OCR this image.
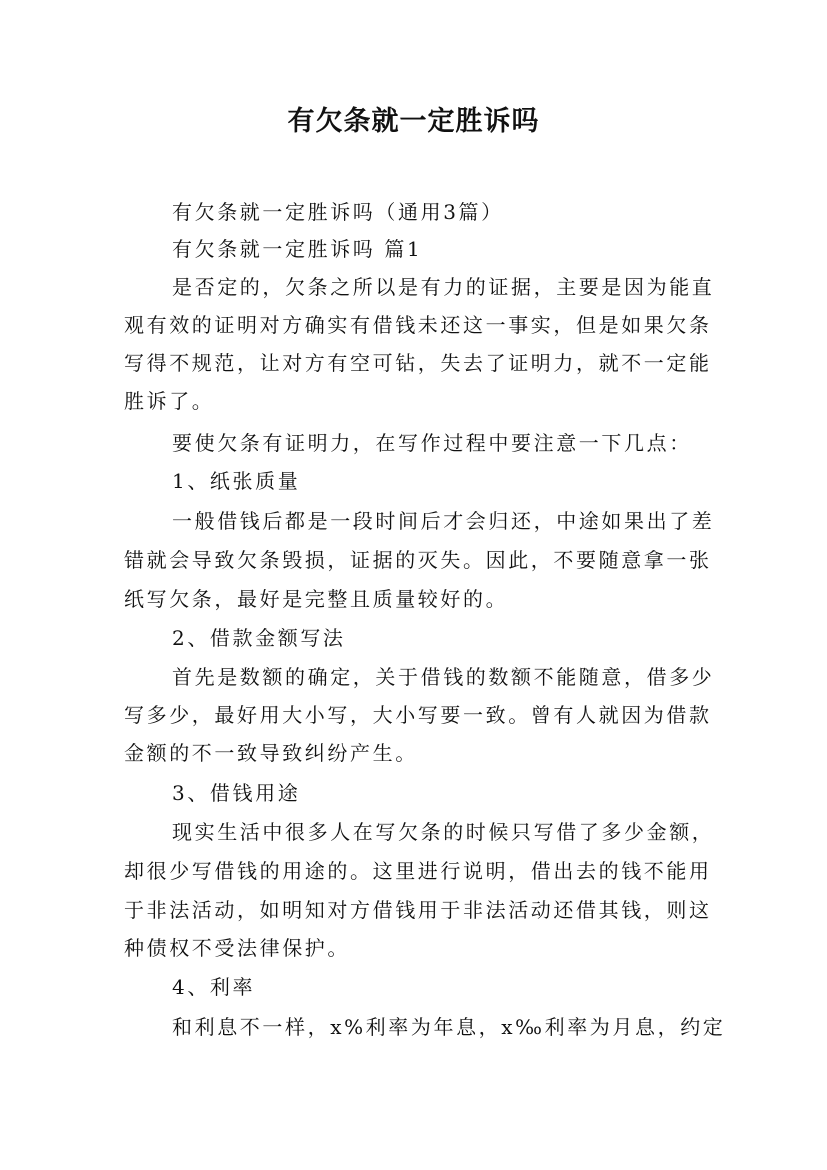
有欠条就一定胜诉吗
有欠条就一定胜诉吗（通用3篇）
有欠条就一定胜诉吗 篇1
是否定的，欠条之所以是有力的证据，主要是因为能直
观有效的证明对方确实有借钱未还这一事实，但是如果欠条
写得不规范，让对方有空可钻，失去了证明力，就不一定能
胜诉了。
要使欠条有证明力，在写作过程中要注意一下几点：
1、纸张质量
一般借钱后都是一段时间后才会归还，中途如果出了差
错就会导致欠条毁损，证据的灭失。因此，不要随意拿一张
纸写欠条，最好是完整且质量较好的。
2、借款金额写法
首先是数额的确定，关于借钱的数额不能随意，借多少
写多少，最好用大小写，大小写要一致。曾有人就因为借款
金额的不一致导致纠纷产生。
3、借钱用途
现实生活中很多人在写欠条的时候只写借了多少金额，
却很少写借钱的用途的。这里进行说明，借出去的钱不能用
于非法活动，如明知对方借钱用于非法活动还借其钱，则这
种债权不受法律保护。
4、利率
和利息不一样，x%利率为年息，x‰利率为月息，约定
